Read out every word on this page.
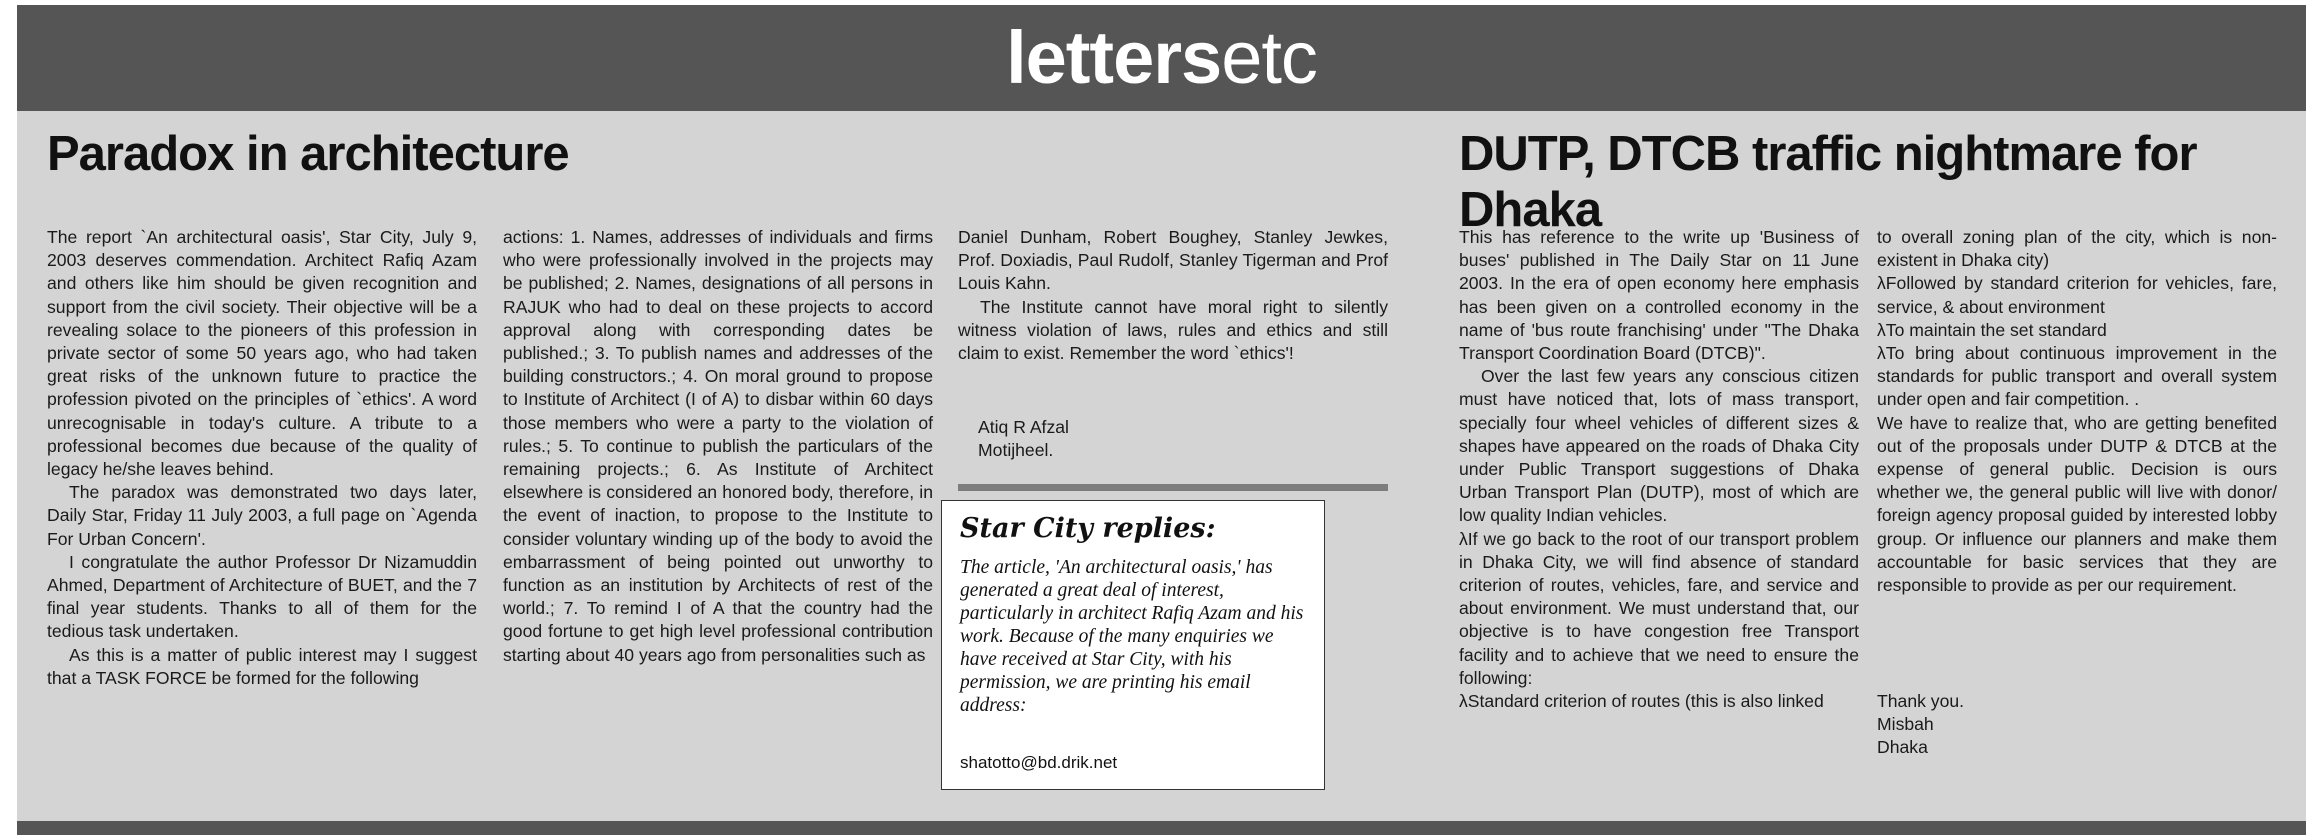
lettersetc
Paradox in architecture

The report `An architectural oasis', Star City, July 9, 2003 deserves commendation. Architect Rafiq Azam and others like him should be given recognition and support from the civil society. Their objective will be a revealing solace to the pioneers of this profession in private sector of some 50 years ago, who had taken great risks of the unknown future to practice the profession pivoted on the principles of `ethics'. A word unrecognisable in today's culture. A tribute to a professional becomes due because of the quality of legacy he/she leaves behind.

The paradox was demonstrated two days later, Daily Star, Friday 11 July 2003, a full page on `Agenda For Urban Concern'.

I congratulate the author Professor Dr Nizamuddin Ahmed, Department of Architecture of BUET, and the 7 final year students. Thanks to all of them for the tedious task undertaken.

As this is a matter of public interest may I suggest that a TASK FORCE be formed for the following

actions: 1. Names, addresses of individuals and firms who were professionally involved in the projects may be published; 2. Names, designations of all persons in RAJUK who had to deal on these projects to accord approval along with corresponding dates be published.; 3. To publish names and addresses of the building constructors.; 4. On moral ground to propose to Institute of Architect (I of A) to disbar within 60 days those members who were a party to the violation of rules.; 5. To continue to publish the particulars of the remaining projects.; 6. As Institute of Architect elsewhere is considered an honored body, therefore, in the event of inaction, to propose to the Institute to consider voluntary winding up of the body to avoid the embarrassment of being pointed out unworthy to function as an institution by Architects of rest of the world.; 7. To remind I of A that the country had the good fortune to get high level professional contribution starting about 40 years ago from personalities such as

Daniel Dunham, Robert Boughey, Stanley Jewkes, Prof. Doxiadis, Paul Rudolf, Stanley Tigerman and Prof Louis Kahn.

The Institute cannot have moral right to silently witness violation of laws, rules and ethics and still claim to exist. Remember the word `ethics'!

Atiq R Afzal

Motijheel.

Star City replies:

The article, 'An architectural oasis,' has generated a great deal of interest, particularly in architect Rafiq Azam and his work. Because of the many enquiries we have received at Star City, with his permission, we are printing his email address:

shatotto@bd.drik.net
DUTP, DTCB traffic nightmare for Dhaka

This has reference to the write up 'Business of buses' published in The Daily Star on 11 June 2003. In the era of open economy here emphasis has been given on a controlled economy in the name of 'bus route franchising' under "The Dhaka Transport Coordination Board (DTCB)".

Over the last few years any conscious citizen must have noticed that, lots of mass transport, specially four wheel vehicles of different sizes & shapes have appeared on the roads of Dhaka City under Public Transport suggestions of Dhaka Urban Transport Plan (DUTP), most of which are low quality Indian vehicles.

λIf we go back to the root of our transport problem in Dhaka City, we will find absence of standard criterion of routes, vehicles, fare, and service and about environment. We must understand that, our objective is to have congestion free Transport facility and to achieve that we need to ensure the following:

λStandard criterion of routes (this is also linked

to overall zoning plan of the city, which is non-existent in Dhaka city)

λFollowed by standard criterion for vehicles, fare, service, & about environment

λTo maintain the set standard

λTo bring about continuous improvement in the standards for public transport and overall system under open and fair competition. .

We have to realize that, who are getting benefited out of the proposals under DUTP & DTCB at the expense of general public. Decision is ours whether we, the general public will live with donor/ foreign agency proposal guided by interested lobby group. Or influence our planners and make them accountable for basic services that they are responsible to provide as per our requirement.

Thank you.

Misbah

Dhaka
